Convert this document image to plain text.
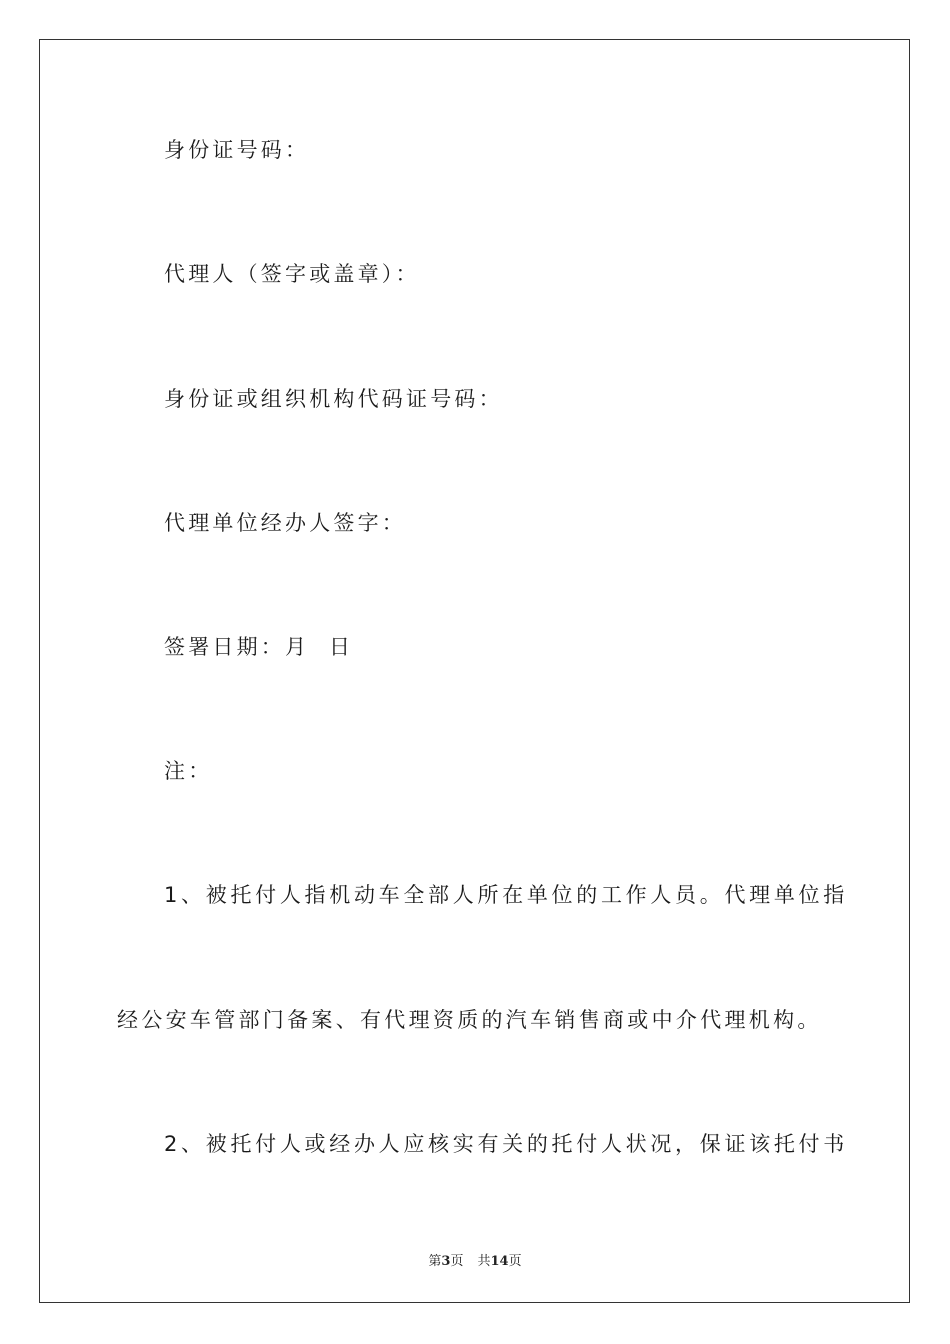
身份证号码：
代理人（签字或盖章）：
身份证或组织机构代码证号码：
代理单位经办人签字：
签署日期：月  日
注：
1、被托付人指机动车全部人所在单位的工作人员。代理单位指
经公安车管部门备案、有代理资质的汽车销售商或中介代理机构。
2、被托付人或经办人应核实有关的托付人状况，保证该托付书
第3页 共14页
